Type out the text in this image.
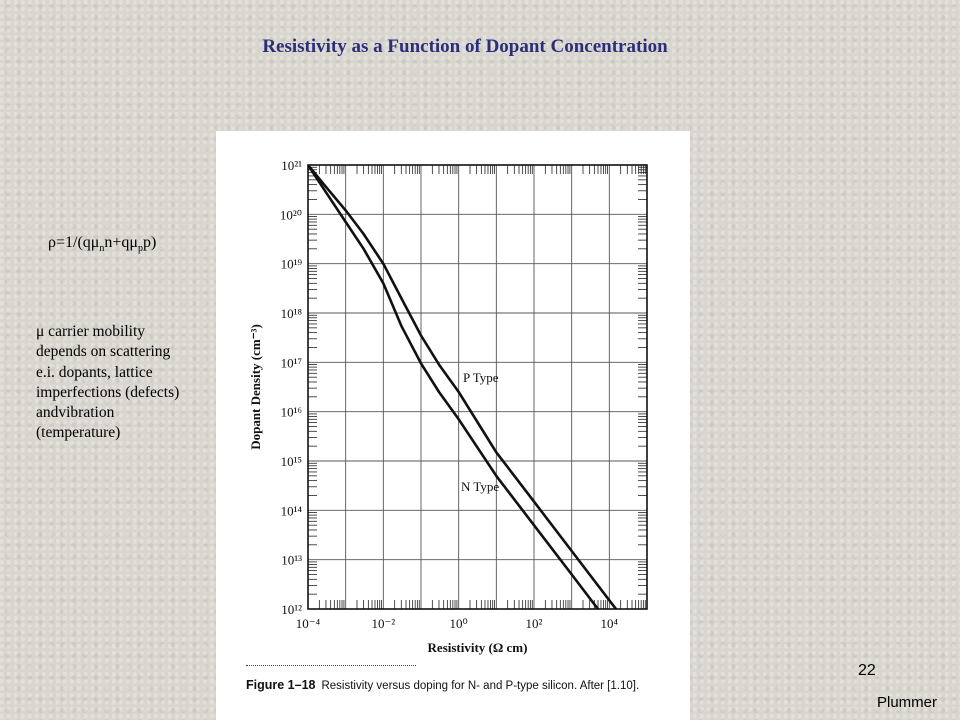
Resistivity as a Function of Dopant Concentration
$\rho=1/(q\mu_nn+q\mu_pp)$
μ carrier mobility
depends on scattering
e.i. dopants, lattice
imperfections (defects)
andvibration
(temperature)
10⁻⁴	10⁻²	10⁰	10²	10⁴
10¹²
10¹³
10¹⁴
10¹⁵
10¹⁶
10¹⁷
10¹⁸
10¹⁹
10²⁰
10²¹
Resistivity (Ω cm)
Dopant Density (cm⁻³)	P Type
N Type
Figure 1–18 Resistivity versus doping for N- and P-type silicon. After [1.10].
22
Plummer
